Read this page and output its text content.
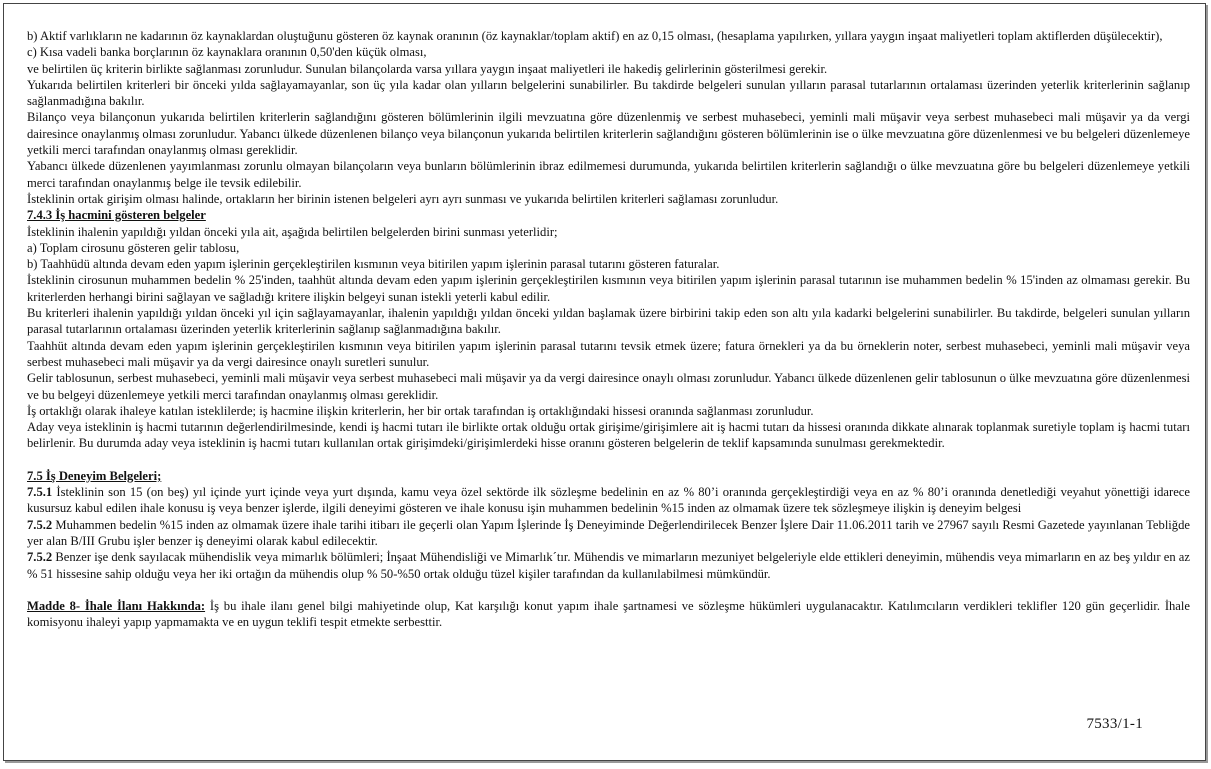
b) Aktif varlıkların ne kadarının öz kaynaklardan oluştuğunu gösteren öz kaynak oranının (öz kaynaklar/toplam aktif) en az 0,15 olması, (hesaplama yapılırken, yıllara yaygın inşaat maliyetleri toplam aktiflerden düşülecektir),

c) Kısa vadeli banka borçlarının öz kaynaklara oranının 0,50'den küçük olması,

ve belirtilen üç kriterin birlikte sağlanması zorunludur. Sunulan bilançolarda varsa yıllara yaygın inşaat maliyetleri ile hakediş gelirlerinin gösterilmesi gerekir.

Yukarıda belirtilen kriterleri bir önceki yılda sağlayamayanlar, son üç yıla kadar olan yılların belgelerini sunabilirler. Bu takdirde belgeleri sunulan yılların parasal tutarlarının ortalaması üzerinden yeterlik kriterlerinin sağlanıp sağlanmadığına bakılır.

Bilanço veya bilançonun yukarıda belirtilen kriterlerin sağlandığını gösteren bölümlerinin ilgili mevzuatına göre düzenlenmiş ve serbest muhasebeci, yeminli mali müşavir veya serbest muhasebeci mali müşavir ya da vergi dairesince onaylanmış olması zorunludur. Yabancı ülkede düzenlenen bilanço veya bilançonun yukarıda belirtilen kriterlerin sağlandığını gösteren bölümlerinin ise o ülke mevzuatına göre düzenlenmesi ve bu belgeleri düzenlemeye yetkili merci tarafından onaylanmış olması gereklidir.

Yabancı ülkede düzenlenen yayımlanması zorunlu olmayan bilançoların veya bunların bölümlerinin ibraz edilmemesi durumunda, yukarıda belirtilen kriterlerin sağlandığı o ülke mevzuatına göre bu belgeleri düzenlemeye yetkili merci tarafından onaylanmış belge ile tevsik edilebilir.

İsteklinin ortak girişim olması halinde, ortakların her birinin istenen belgeleri ayrı ayrı sunması ve yukarıda belirtilen kriterleri sağlaması zorunludur.

7.4.3 İş hacmini gösteren belgeler

İsteklinin ihalenin yapıldığı yıldan önceki yıla ait, aşağıda belirtilen belgelerden birini sunması yeterlidir;

a) Toplam cirosunu gösteren gelir tablosu,

b) Taahhüdü altında devam eden yapım işlerinin gerçekleştirilen kısmının veya bitirilen yapım işlerinin parasal tutarını gösteren faturalar.

İsteklinin cirosunun muhammen bedelin % 25'inden, taahhüt altında devam eden yapım işlerinin gerçekleştirilen kısmının veya bitirilen yapım işlerinin parasal tutarının ise muhammen bedelin % 15'inden az olmaması gerekir. Bu kriterlerden herhangi birini sağlayan ve sağladığı kritere ilişkin belgeyi sunan istekli yeterli kabul edilir.

Bu kriterleri ihalenin yapıldığı yıldan önceki yıl için sağlayamayanlar, ihalenin yapıldığı yıldan önceki yıldan başlamak üzere birbirini takip eden son altı yıla kadarki belgelerini sunabilirler. Bu takdirde, belgeleri sunulan yılların parasal tutarlarının ortalaması üzerinden yeterlik kriterlerinin sağlanıp sağlanmadığına bakılır.

Taahhüt altında devam eden yapım işlerinin gerçekleştirilen kısmının veya bitirilen yapım işlerinin parasal tutarını tevsik etmek üzere; fatura örnekleri ya da bu örneklerin noter, serbest muhasebeci, yeminli mali müşavir veya serbest muhasebeci mali müşavir ya da vergi dairesince onaylı suretleri sunulur.

Gelir tablosunun, serbest muhasebeci, yeminli mali müşavir veya serbest muhasebeci mali müşavir ya da vergi dairesince onaylı olması zorunludur. Yabancı ülkede düzenlenen gelir tablosunun o ülke mevzuatına göre düzenlenmesi ve bu belgeyi düzenlemeye yetkili merci tarafından onaylanmış olması gereklidir.

İş ortaklığı olarak ihaleye katılan isteklilerde; iş hacmine ilişkin kriterlerin, her bir ortak tarafından iş ortaklığındaki hissesi oranında sağlanması zorunludur.

Aday veya isteklinin iş hacmi tutarının değerlendirilmesinde, kendi iş hacmi tutarı ile birlikte ortak olduğu ortak girişime/girişimlere ait iş hacmi tutarı da hissesi oranında dikkate alınarak toplanmak suretiyle toplam iş hacmi tutarı belirlenir. Bu durumda aday veya isteklinin iş hacmi tutarı kullanılan ortak girişimdeki/girişimlerdeki hisse oranını gösteren belgelerin de teklif kapsamında sunulması gerekmektedir.

7.5 İş Deneyim Belgeleri;

7.5.1 İsteklinin son 15 (on beş) yıl içinde yurt içinde veya yurt dışında, kamu veya özel sektörde ilk sözleşme bedelinin en az % 80’i oranında gerçekleştirdiği veya en az % 80’i oranında denetlediği veyahut yönettiği idarece kusursuz kabul edilen ihale konusu iş veya benzer işlerde, ilgili deneyimi gösteren ve ihale konusu işin muhammen bedelinin %15 inden az olmamak üzere tek sözleşmeye ilişkin iş deneyim belgesi

7.5.2 Muhammen bedelin %15 inden az olmamak üzere ihale tarihi itibarı ile geçerli olan Yapım İşlerinde İş Deneyiminde Değerlendirilecek Benzer İşlere Dair 11.06.2011 tarih ve 27967 sayılı Resmi Gazetede yayınlanan Tebliğde yer alan B/III Grubu işler benzer iş deneyimi olarak kabul edilecektir.

7.5.2 Benzer işe denk sayılacak mühendislik veya mimarlık bölümleri; İnşaat Mühendisliği ve Mimarlık´tır. Mühendis ve mimarların mezuniyet belgeleriyle elde ettikleri deneyimin, mühendis veya mimarların en az beş yıldır en az % 51 hissesine sahip olduğu veya her iki ortağın da mühendis olup % 50-%50 ortak olduğu tüzel kişiler tarafından da kullanılabilmesi mümkündür.

Madde 8- İhale İlanı Hakkında: İş bu ihale ilanı genel bilgi mahiyetinde olup, Kat karşılığı konut yapım ihale şartnamesi ve sözleşme hükümleri uygulanacaktır. Katılımcıların verdikleri teklifler 120 gün geçerlidir. İhale komisyonu ihaleyi yapıp yapmamakta ve en uygun teklifi tespit etmekte serbesttir.

7533/1-1
